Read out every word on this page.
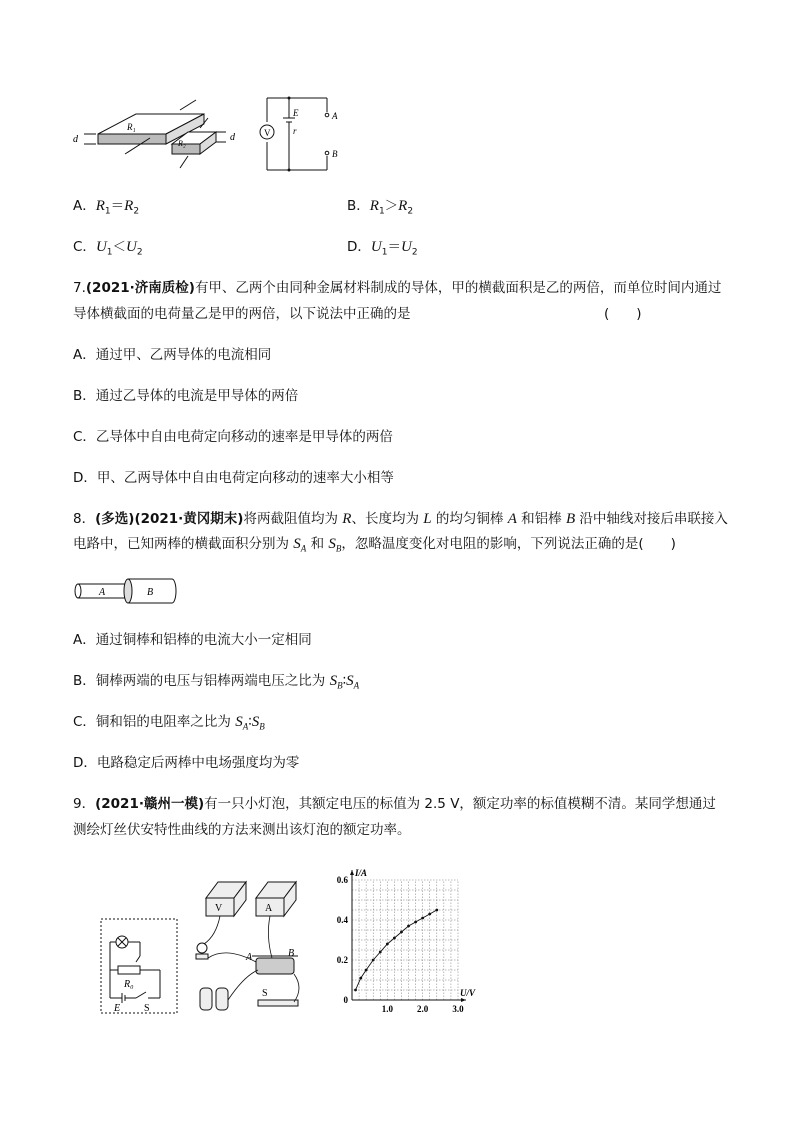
R₁
d	R₂
d	V
E
r
A
B
A．$R_1=R_2$	B．$R_1>R_2$
C．$U_1<U_2$	D．$U_1=U_2$
7.(2021·济南质检)有甲、乙两个由同种金属材料制成的导体，甲的横截面积是乙的两倍，而单位时间内通过
导体横截面的电荷量乙是甲的两倍，以下说法中正确的是	(　　)
A．通过甲、乙两导体的电流相同
B．通过乙导体的电流是甲导体的两倍
C．乙导体中自由电荷定向移动的速率是甲导体的两倍
D．甲、乙两导体中自由电荷定向移动的速率大小相等
8．(多选)(2021·黄冈期末)将两截阻值均为 R、长度均为 L 的均匀铜棒 A 和铝棒 B 沿中轴线对接后串联接入
电路中，已知两棒的横截面积分别为 $S_A$ 和 $S_B$，忽略温度变化对电阻的影响，下列说法正确的是(　　)
A	B
A．通过铜棒和铝棒的电流大小一定相同
B．铜棒两端的电压与铝棒两端电压之比为 $S_B∶S_A$
C．铜和铝的电阻率之比为 $S_A∶S_B$
D．电路稳定后两棒中电场强度均为零
9．(2021·赣州一模)有一只小灯泡，其额定电压的标值为 2.5 V，额定功率的标值模糊不清。某同学想通过
测绘灯丝伏安特性曲线的方法来测出该灯泡的额定功率。
R₀
E S
V	A
A	B
S
1.0	2.0	3.0
0
0.2
0.4
0.6
U/V
I/A
